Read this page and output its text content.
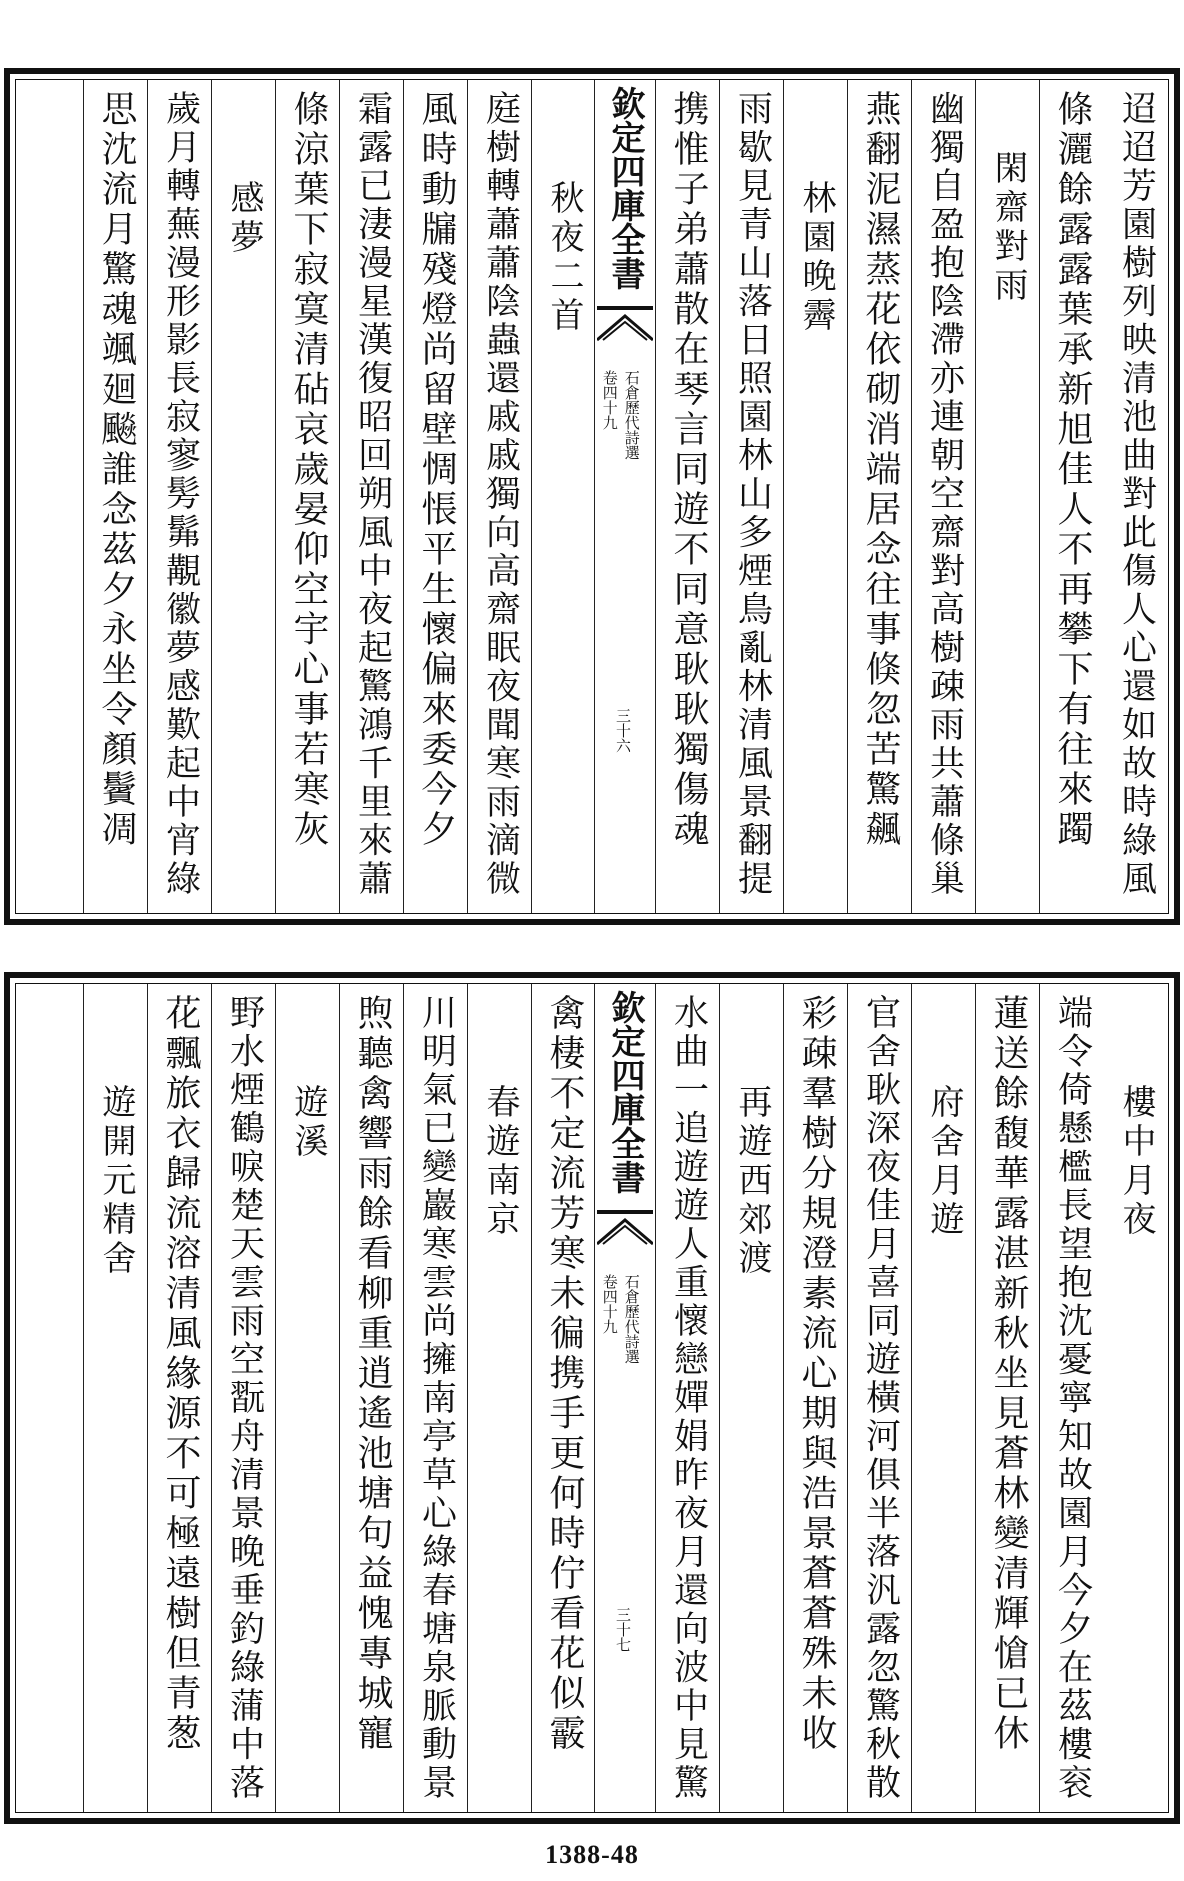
迢迢芳園樹列映清池曲對此傷人心還如故時綠風
條灑餘露露葉承新旭佳人不再攀下有往來躅
閑齋對雨
幽獨自盈抱陰滯亦連朝空齋對高樹疎雨共蕭條巢
燕翻泥濕蒸花依砌消端居念往事倏忽苦驚飆
林園晚霽
雨歇見青山落日照園林山多煙鳥亂林清風景翻提
携惟子弟蕭散在琴言同遊不同意耿耿獨傷魂
欽定四庫全書
石倉歷代詩選
卷四十九
三十六
秋夜二首
庭樹轉蕭蕭陰蟲還戚戚獨向高齋眠夜聞寒雨滴微
風時動牖殘燈尚留壁惆悵平生懷偏來委今夕
霜露已淒漫星漢復昭回朔風中夜起驚鴻千里來蕭
條涼葉下寂寞清砧哀歲晏仰空宇心事若寒灰
感夢
歲月轉蕪漫形影長寂寥髣髴覯徽夢感歎起中宵綠
思沈流月驚魂颯廻飈誰念茲夕永坐令顏鬢凋
樓中月夜
端令倚懸檻長望抱沈憂寧知故園月今夕在茲樓衮
蓮送餘馥華露湛新秋坐見蒼林變清輝愴已休
府舍月遊
官舍耿深夜佳月喜同遊橫河俱半落汎露忽驚秋散
彩疎羣樹分規澄素流心期與浩景蒼蒼殊未收
再遊西郊渡
水曲一追遊遊人重懷戀嬋娟昨夜月還向波中見驚
欽定四庫全書
石倉歷代詩選
卷四十九
三十七
禽棲不定流芳寒未徧携手更何時佇看花似霰
春遊南京
川明氣已變巖寒雲尚擁南亭草心綠春塘泉脈動景
煦聽禽響雨餘看柳重逍遙池塘句益愧專城寵
遊溪
野水煙鶴唳楚天雲雨空翫舟清景晚垂釣綠蒲中落
花飄旅衣歸流溶清風緣源不可極遠樹但青葱
遊開元精舍
1388-48
